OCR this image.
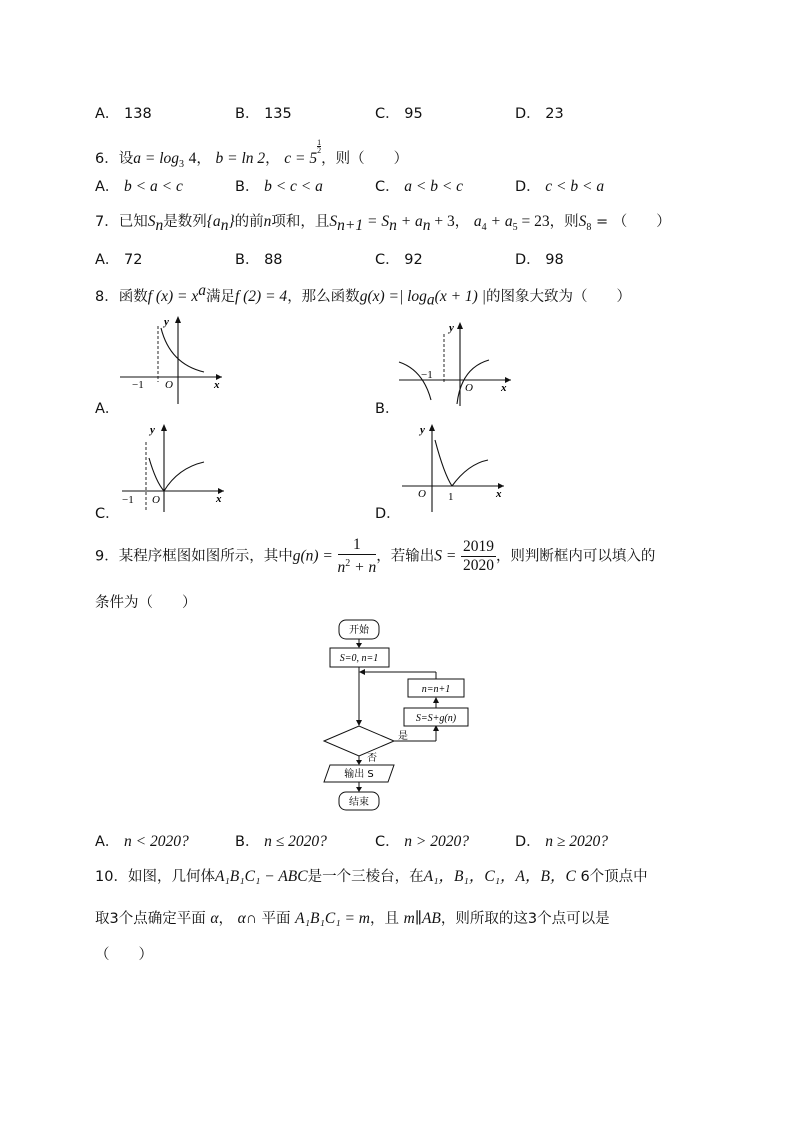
A． 138	B． 135	C． 95	D． 23
6．设$a = \log_3 4$， b = ln 2， c = 5
$\frac{1}{2}$
，则（　　）
A． b < a < c	B． b < c < a	C． a < b < c	D． c < b < a
7．已知$S_n$是数列$\{a_n\}$的前n项和，且$S_{n+1} = S_n + a_n + 3$， $a_4 + a_5 = 23$，则$S_8$ = （　　）
A． 72	B． 88	C． 92	D． 98
8．函数f $(x) = x^a$满足f (2) = 4，那么函数g(x) =| $\log_a(x + 1)$ |的图象大致为（　　）
A．	B．
C．	D．
y
x
O
−1
y
x
O
−1
y
x
O
−1
y
x
O 1
9．某程序框图如图所示，其中$g(n) = \frac{1}{n^2 + n}$ ，若输出$S = \frac{2019}{2020}$ ，则判断框内可以填入的
条件为（　　）
开始
S=0, n=1
是
S=S+g(n)
n=n+1
否
输出 S
结束
A． n < 2020?	B． n ≤ 2020?	C． n > 2020?	D． n ≥ 2020?
10．如图，几何体A₁B₁C₁ − ABC是一个三棱台，在A₁，B₁，C₁，A，B，C 6个顶点中
取3个点确定平面 α， α∩ 平面 A₁B₁C₁ = m，且 m∥AB，则所取的这3个点可以是
（　　）
